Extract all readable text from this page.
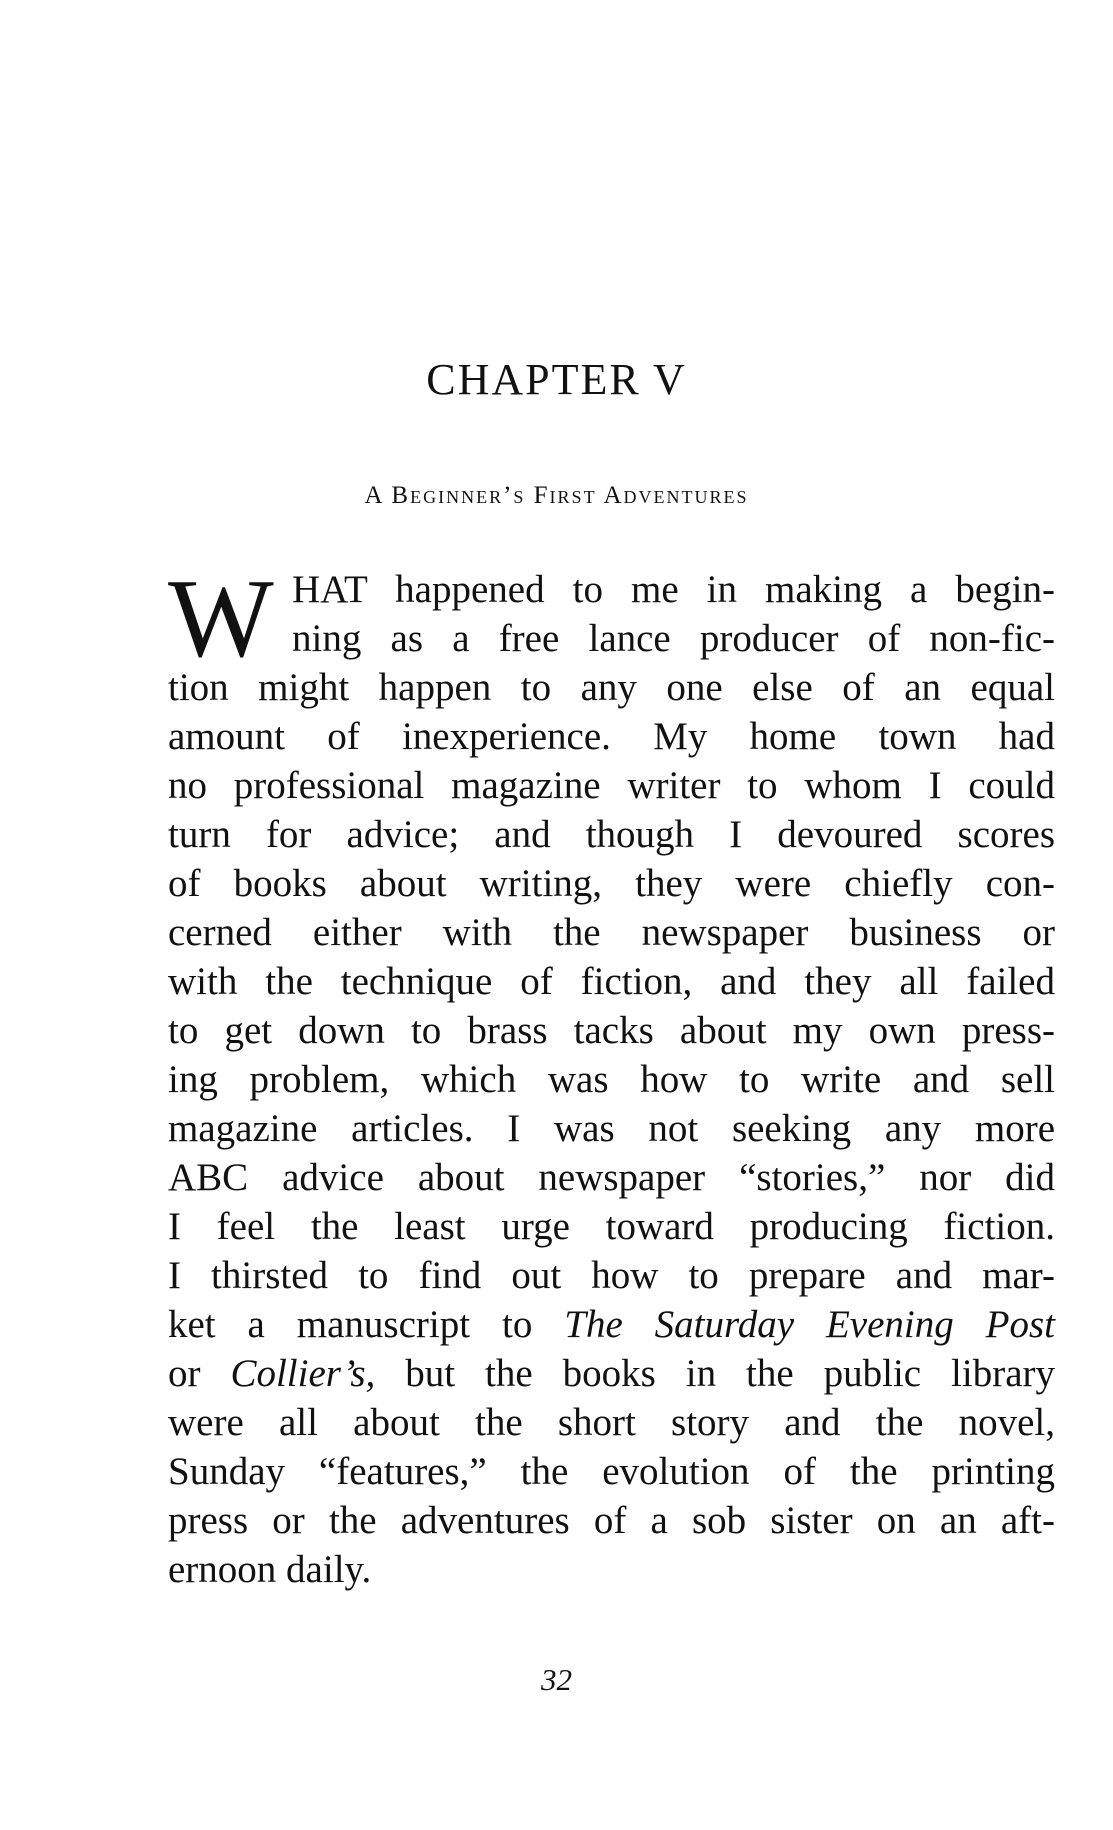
CHAPTER V
A Beginner’s First Adventures
W HAT happened to me in making a begin-
ning as a free lance producer of non-fic-
tion might happen to any one else of an equal
amount of inexperience. My home town had
no professional magazine writer to whom I could
turn for advice; and though I devoured scores
of books about writing, they were chiefly con-
cerned either with the newspaper business or
with the technique of fiction, and they all failed
to get down to brass tacks about my own press-
ing problem, which was how to write and sell
magazine articles. I was not seeking any more
ABC advice about newspaper “stories,” nor did
I feel the least urge toward producing fiction.
I thirsted to find out how to prepare and mar-
ket a manuscript to The Saturday Evening Post
or Collier’s, but the books in the public library
were all about the short story and the novel,
Sunday “features,” the evolution of the printing
press or the adventures of a sob sister on an aft-
ernoon daily.
32
